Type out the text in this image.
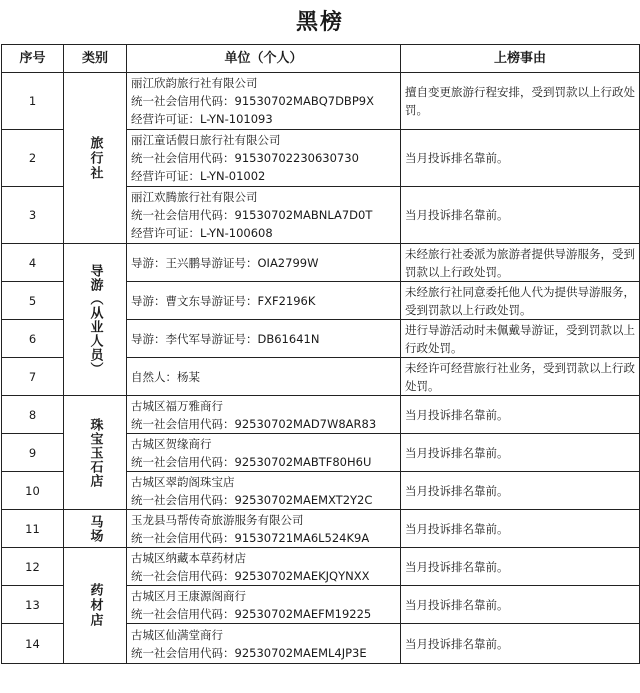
黑榜
序号	类别	单位（个人）	上榜事由
1	旅行社	丽江欣韵旅行社有限公司
统一社会信用代码：91530702MABQ7DBP9X
经营许可证：L-YN-101093	擅自变更旅游行程安排，受到罚款以上行政处罚。
2		丽江童话假日旅行社有限公司
统一社会信用代码：91530702230630730
经营许可证：L-YN-01002	当月投诉排名靠前。
3		丽江欢腾旅行社有限公司
统一社会信用代码：91530702MABNLA7D0T
经营许可证：L-YN-100608	当月投诉排名靠前。
4	导游（从业人员）	导游：王兴鹏导游证号：OIA2799W	未经旅行社委派为旅游者提供导游服务，受到罚款以上行政处罚。
5		导游：曹文东导游证号：FXF2196K	未经旅行社同意委托他人代为提供导游服务，受到罚款以上行政处罚。
6		导游：李代军导游证号：DB61641N	进行导游活动时未佩戴导游证，受到罚款以上行政处罚。
7		自然人：杨某	未经许可经营旅行社业务，受到罚款以上行政处罚。
8	珠宝玉石店	古城区福万雅商行
统一社会信用代码：92530702MAD7W8AR83	当月投诉排名靠前。
9		古城区贺缘商行
统一社会信用代码：92530702MABTF80H6U	当月投诉排名靠前。
10		古城区翠韵阁珠宝店
统一社会信用代码：92530702MAEMXT2Y2C	当月投诉排名靠前。
11	马场	玉龙县马帮传奇旅游服务有限公司
统一社会信用代码：91530721MA6L524K9A	当月投诉排名靠前。
12	药材店	古城区纳藏本草药材店
统一社会信用代码：92530702MAEKJQYNXX	当月投诉排名靠前。
13		古城区月王康源阁商行
统一社会信用代码：92530702MAEFM19225	当月投诉排名靠前。
14		古城区仙满堂商行
统一社会信用代码：92530702MAEML4JP3E	当月投诉排名靠前。
